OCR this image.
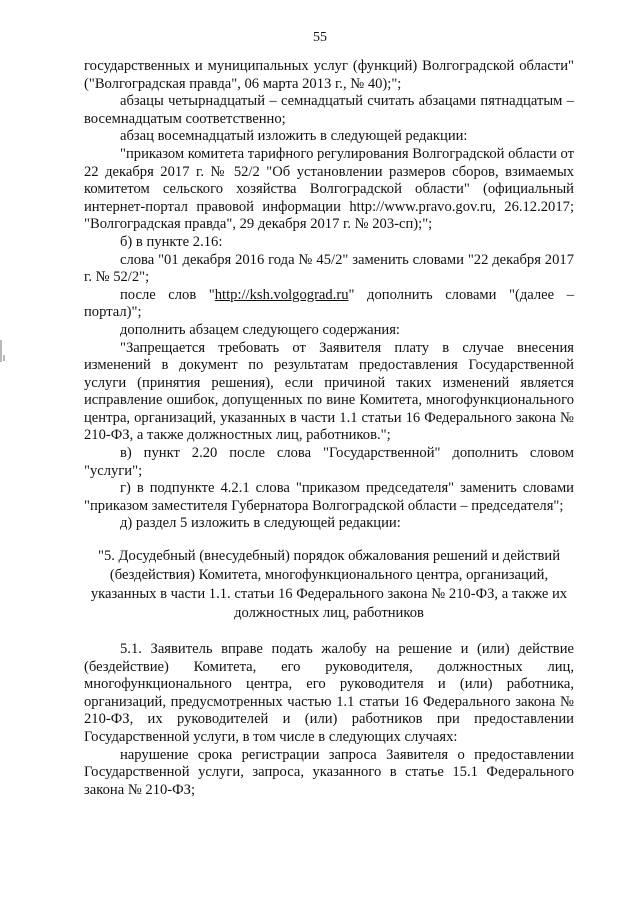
55

государственных и муниципальных услуг (функций) Волгоградской области" ("Волгоградская правда", 06 марта 2013 г., № 40);";

абзацы четырнадцатый – семнадцатый считать абзацами пятнадцатым – восемнадцатым соответственно;

абзац восемнадцатый изложить в следующей редакции:

"приказом комитета тарифного регулирования Волгоградской области от 22 декабря 2017 г. № 52/2 "Об установлении размеров сборов, взимаемых комитетом сельского хозяйства Волгоградской области" (официальный интернет-портал правовой информации http://www.pravo.gov.ru, 26.12.2017; "Волгоградская правда", 29 декабря 2017 г. № 203-сп);";

б) в пункте 2.16:

слова "01 декабря 2016 года № 45/2" заменить словами "22 декабря 2017 г. № 52/2";

после слов "http://ksh.volgograd.ru" дополнить словами "(далее – портал)";

дополнить абзацем следующего содержания:

"Запрещается требовать от Заявителя плату в случае внесения изменений в документ по результатам предоставления Государственной услуги (принятия решения), если причиной таких изменений является исправление ошибок, допущенных по вине Комитета, многофункционального центра, организаций, указанных в части 1.1 статьи 16 Федерального закона № 210-ФЗ, а также должностных лиц, работников.";

в) пункт 2.20 после слова "Государственной" дополнить словом "услуги";

г) в подпункте 4.2.1 слова "приказом председателя" заменить словами "приказом заместителя Губернатора Волгоградской области – председателя";

д) раздел 5 изложить в следующей редакции:

"5. Досудебный (внесудебный) порядок обжалования решений и действий (бездействия) Комитета, многофункционального центра, организаций, указанных в части 1.1. статьи 16 Федерального закона № 210-ФЗ, а также их должностных лиц, работников

5.1. Заявитель вправе подать жалобу на решение и (или) действие (бездействие) Комитета, его руководителя, должностных лиц, многофункционального центра, его руководителя и (или) работника, организаций, предусмотренных частью 1.1 статьи 16 Федерального закона № 210-ФЗ, их руководителей и (или) работников при предоставлении Государственной услуги, в том числе в следующих случаях:

нарушение срока регистрации запроса Заявителя о предоставлении Государственной услуги, запроса, указанного в статье 15.1 Федерального закона № 210-ФЗ;
